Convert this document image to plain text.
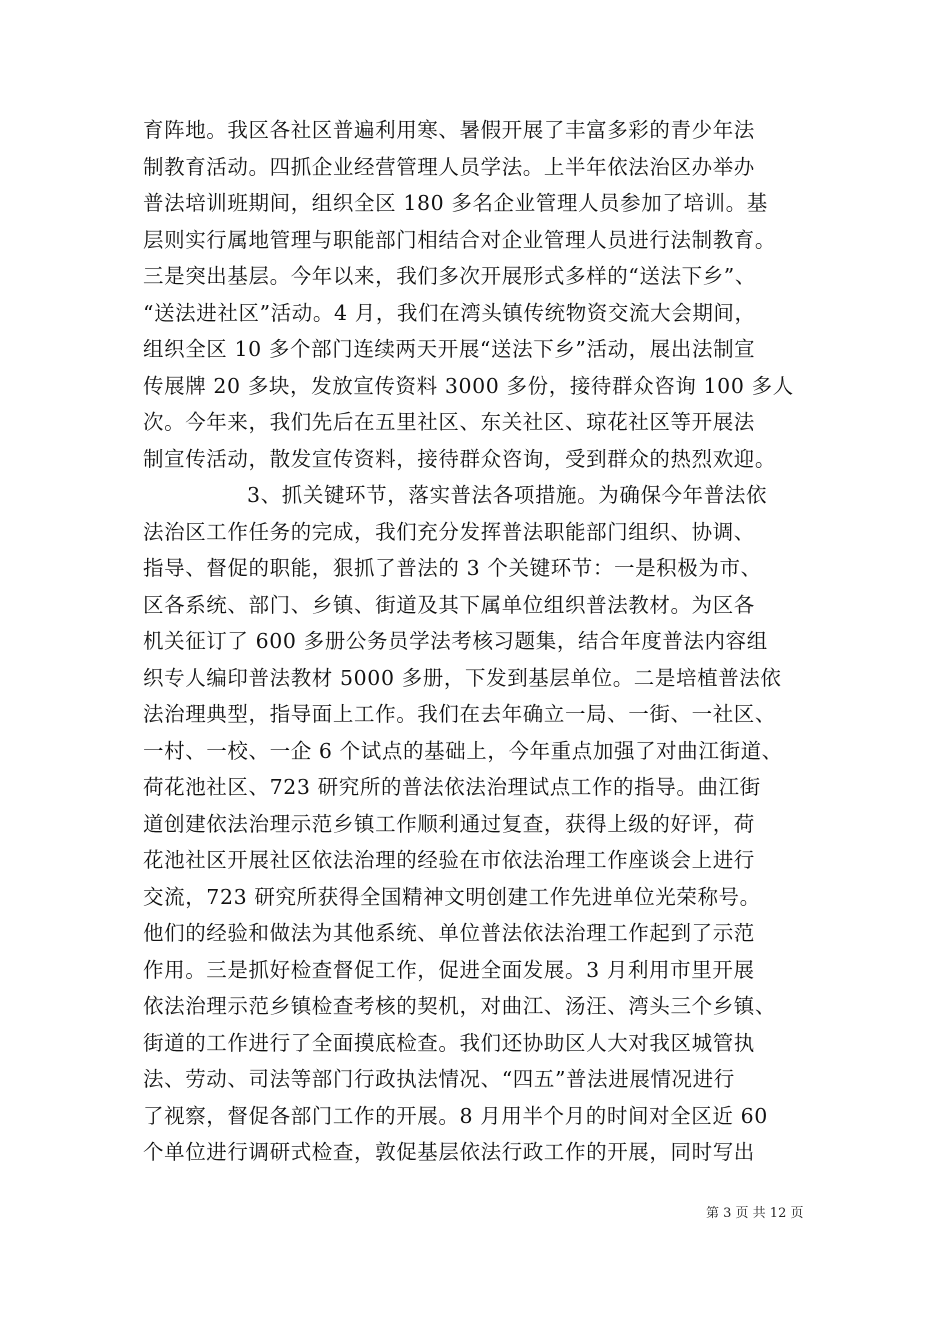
育阵地。我区各社区普遍利用寒、暑假开展了丰富多彩的青少年法
制教育活动。四抓企业经营管理人员学法。上半年依法治区办举办
普法培训班期间，组织全区 180 多名企业管理人员参加了培训。基
层则实行属地管理与职能部门相结合对企业管理人员进行法制教育。
三是突出基层。今年以来，我们多次开展形式多样的“送法下乡”、
“送法进社区”活动。4 月，我们在湾头镇传统物资交流大会期间，
组织全区 10 多个部门连续两天开展“送法下乡”活动，展出法制宣
传展牌 20 多块，发放宣传资料 3000 多份，接待群众咨询 100 多人
次。今年来，我们先后在五里社区、东关社区、琼花社区等开展法
制宣传活动，散发宣传资料，接待群众咨询，受到群众的热烈欢迎。
3、抓关键环节，落实普法各项措施。为确保今年普法依
法治区工作任务的完成，我们充分发挥普法职能部门组织、协调、
指导、督促的职能，狠抓了普法的 3 个关键环节：一是积极为市、
区各系统、部门、乡镇、街道及其下属单位组织普法教材。为区各
机关征订了 600 多册公务员学法考核习题集，结合年度普法内容组
织专人编印普法教材 5000 多册，下发到基层单位。二是培植普法依
法治理典型，指导面上工作。我们在去年确立一局、一街、一社区、
一村、一校、一企 6 个试点的基础上，今年重点加强了对曲江街道、
荷花池社区、723 研究所的普法依法治理试点工作的指导。曲江街
道创建依法治理示范乡镇工作顺利通过复查，获得上级的好评，荷
花池社区开展社区依法治理的经验在市依法治理工作座谈会上进行
交流，723 研究所获得全国精神文明创建工作先进单位光荣称号。
他们的经验和做法为其他系统、单位普法依法治理工作起到了示范
作用。三是抓好检查督促工作，促进全面发展。3 月利用市里开展
依法治理示范乡镇检查考核的契机，对曲江、汤汪、湾头三个乡镇、
街道的工作进行了全面摸底检查。我们还协助区人大对我区城管执
法、劳动、司法等部门行政执法情况、“四五”普法进展情况进行
了视察，督促各部门工作的开展。8 月用半个月的时间对全区近 60
个单位进行调研式检查，敦促基层依法行政工作的开展，同时写出
第 3 页 共 12 页
